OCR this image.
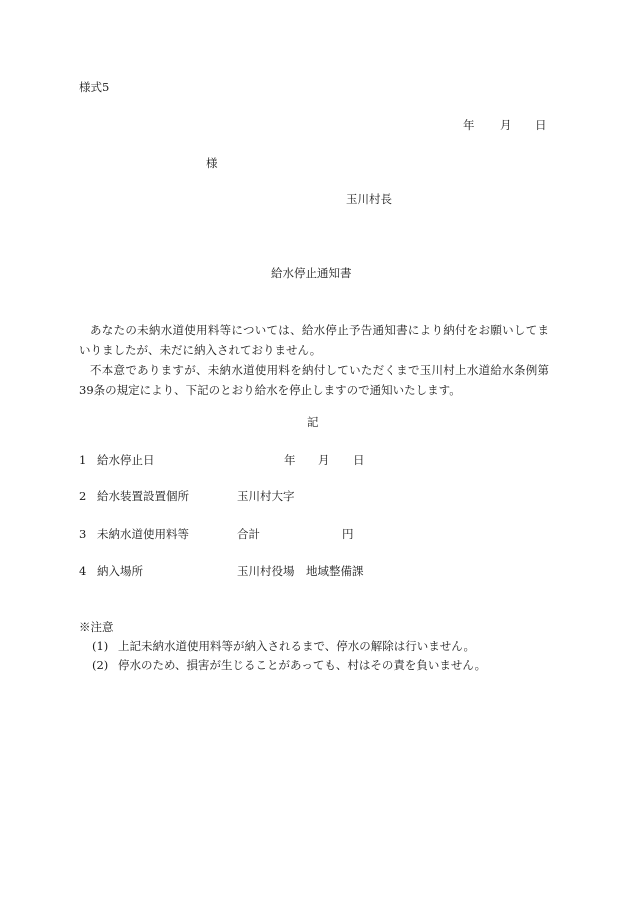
様式5
年 月 日
様
玉川村長
給水停止通知書

あなたの未納水道使用料等については、給水停止予告通知書により納付をお願いしてまいりましたが、未だに納入されておりません。

不本意でありますが、未納水道使用料を納付していただくまで玉川村上水道給水条例第39条の規定により、下記のとおり給水を停止しますので通知いたします。

記
1 給水停止日	年 月 日
2 給水装置設置個所	玉川村大字
3 未納水道使用料等	合計	円
4 納入場所	玉川村役場　地域整備課
※注意
(1) 上記未納水道使用料等が納入されるまで、停水の解除は行いません。
(2) 停水のため、損害が生じることがあっても、村はその責を負いません。
